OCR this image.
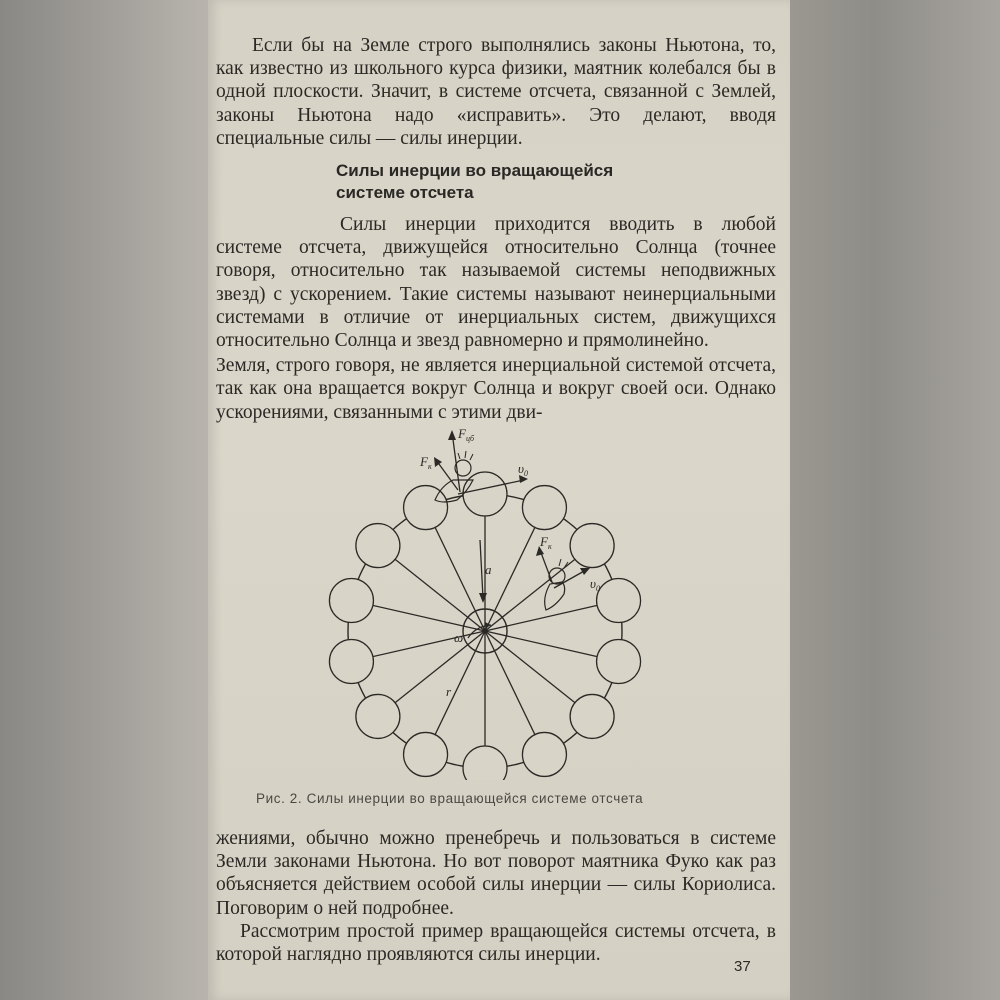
Если бы на Земле строго выполнялись законы Ньютона, то, как известно из школьного курса физики, маятник колебался бы в одной плоскости. Значит, в системе отсчета, связанной с Землей, законы Ньютона надо «исправить». Это делают, вводя специальные силы — силы инерции.

Силы инерции во вращающейся
системе отсчета

Силы инерции приходится вводить в любой системе отсчета, движущейся относительно Солнца (точнее говоря, относительно так называемой системы неподвижных звезд) с ускорением. Такие системы называют неинерциальными системами в отличие от инерциальных систем, движущихся относительно Солнца и звезд равномерно и прямолинейно.

Земля, строго говоря, не является инерциальной системой отсчета, так как она вращается вокруг Солнца и вокруг своей оси. Однако ускорениями, связанными с этими дви-

$F_{цб}$
$F_к$	$\upsilon_0$
$F_к$
$\upsilon_0$
a
ω
r
Рис. 2. Силы инерции во вращающейся системе отсчета

жениями, обычно можно пренебречь и пользоваться в системе Земли законами Ньютона. Но вот поворот маятника Фуко как раз объясняется действием особой силы инерции — силы Кориолиса. Поговорим о ней подробнее.

Рассмотрим простой пример вращающейся системы отсчета, в которой наглядно проявляются силы инерции.

37
